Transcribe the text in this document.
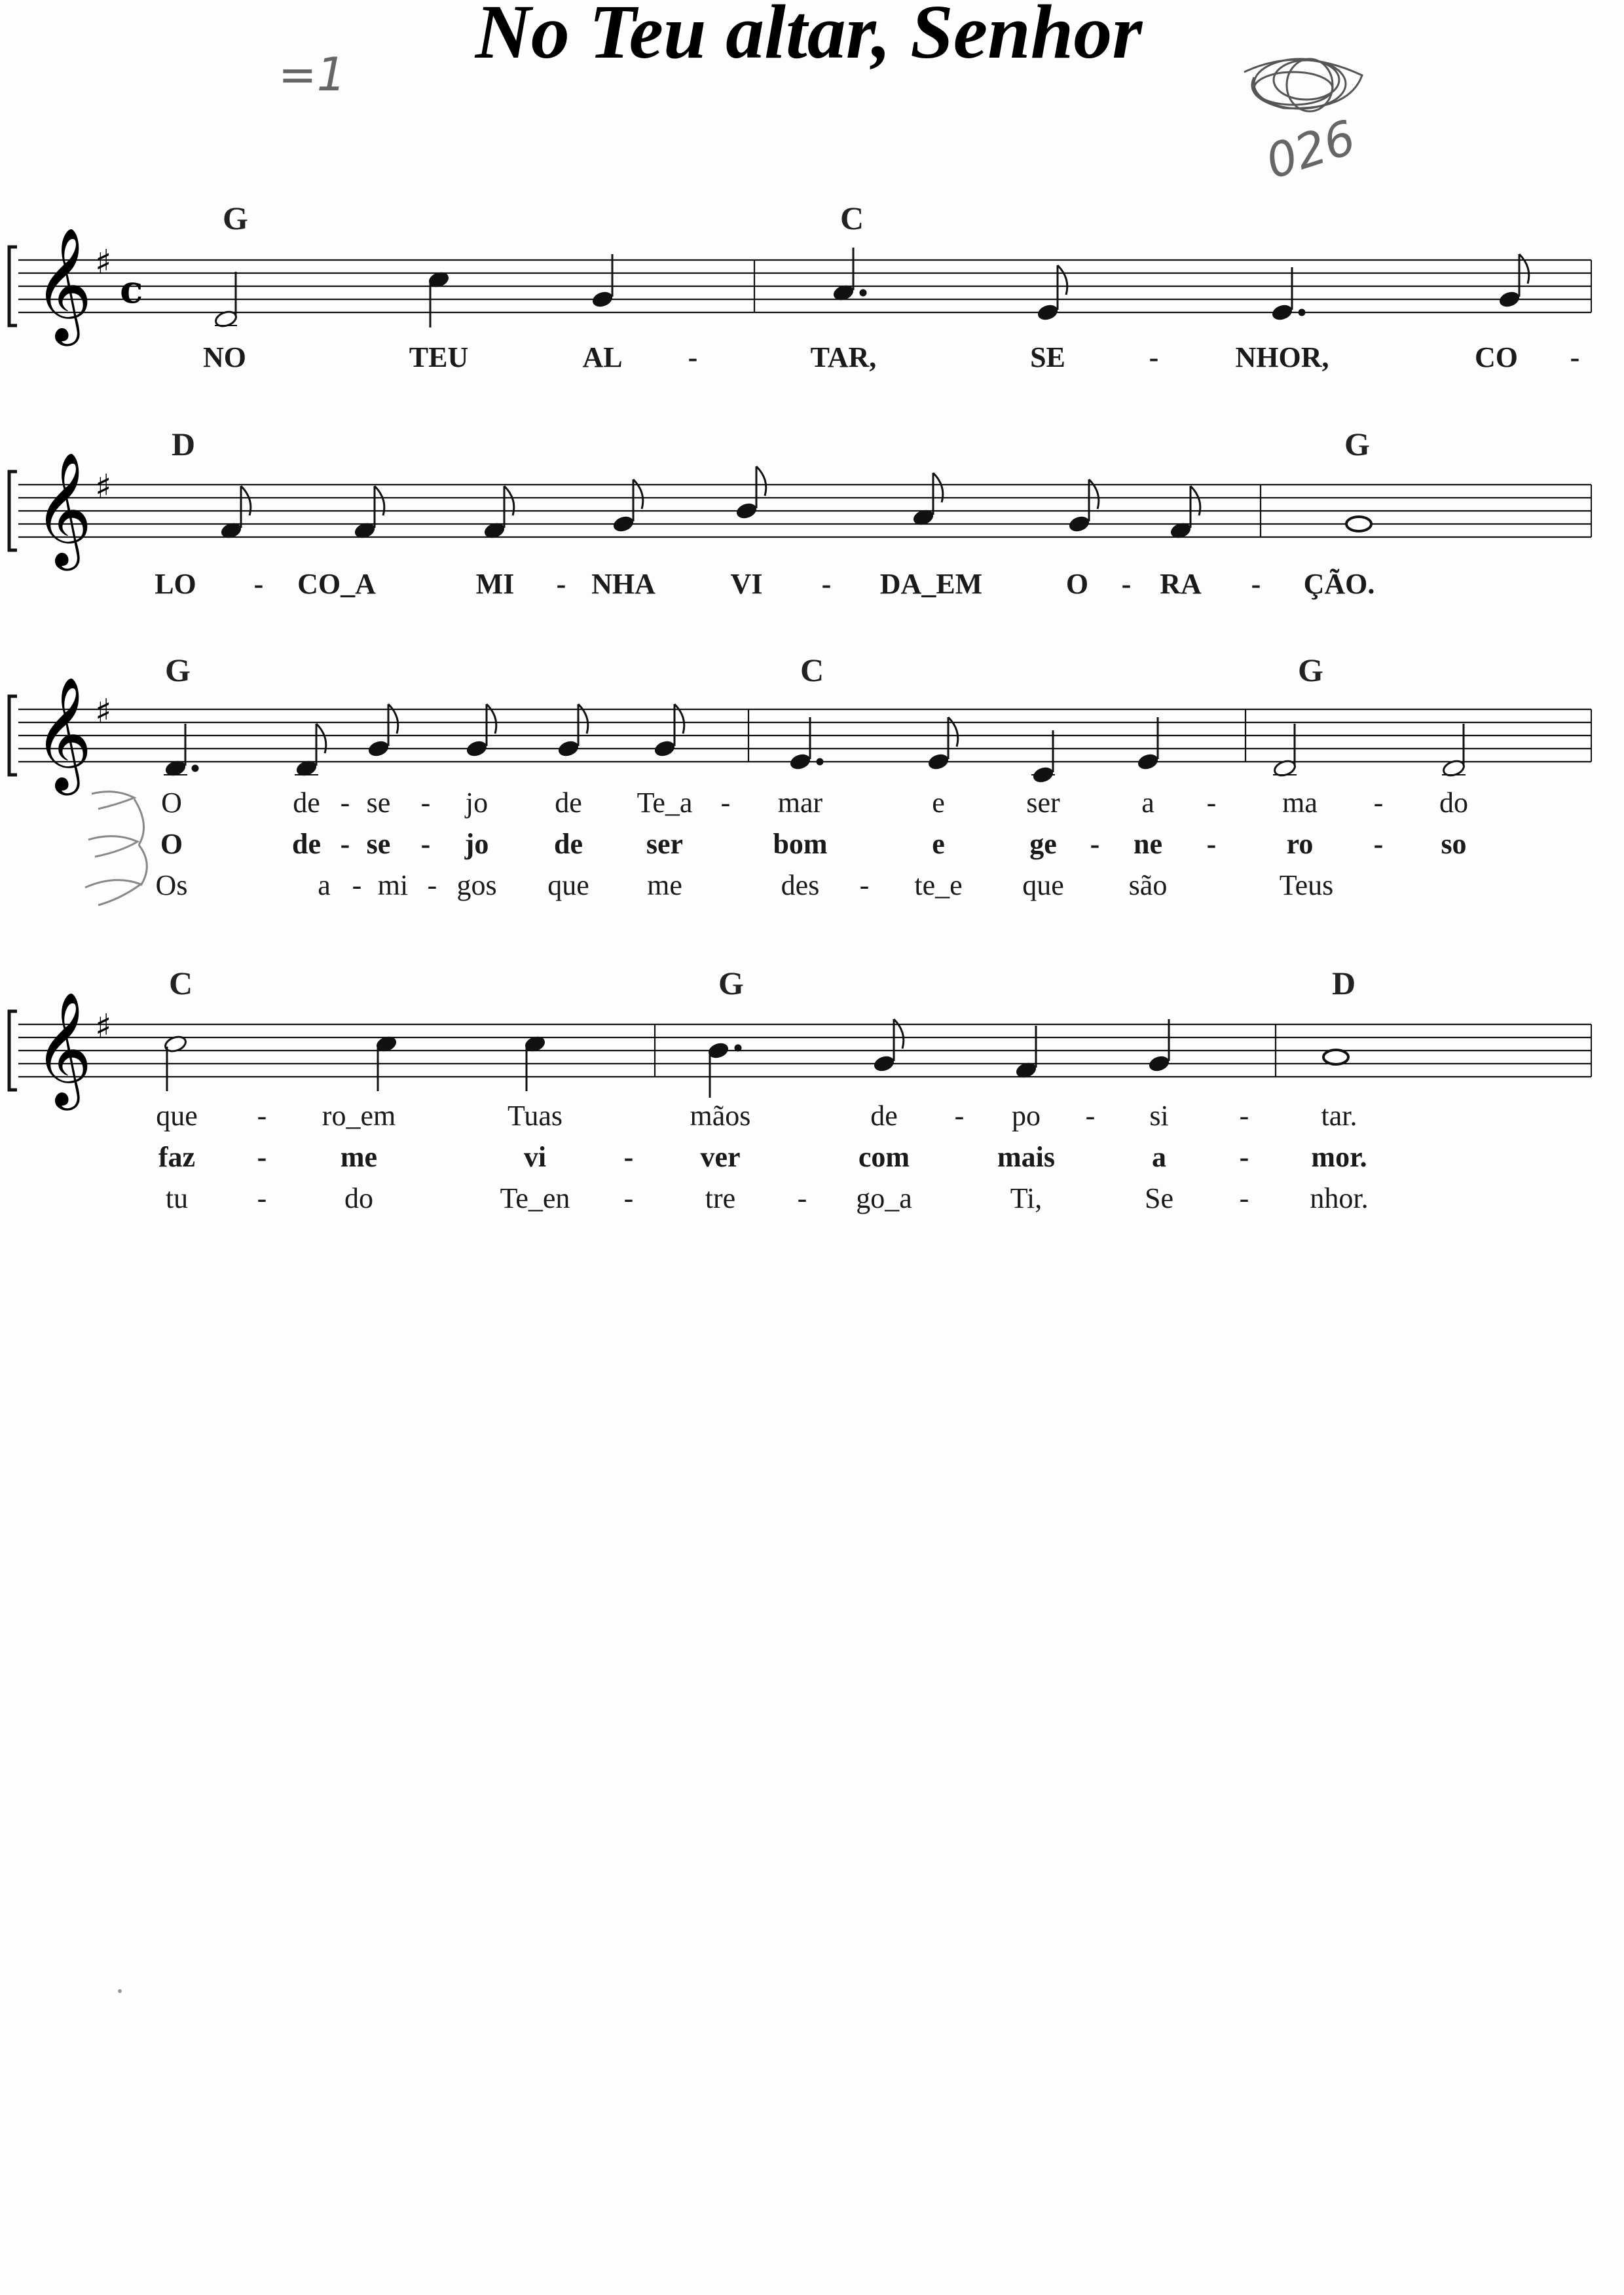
No Teu altar, Senhor
=1
026
𝄞 ♯
c
G	C
NO	TEU	AL -	TAR,	SE	-	NHOR,	CO -
𝄞 ♯
D	G
LO - CO_A	MI - NHA	VI - DA_EM	O - RA - ÇÃO.
𝄞 ♯
G	C	G
O	de - se - jo de Te_a - mar	e	ser	a - ma - do
O	de - se - jo de ser	bom	e	ge - ne - ro - so
Os	a - mi - gos que me	des - te_e que são	Teus
𝄞 ♯
C	G	D
que - ro_em	Tuas	mãos	de - po - si -	tar.
faz -	me	vi	- ver	com	mais	a	- mor.
tu -	do	Te_en - tre - go_a	Ti,	Se - nhor.
